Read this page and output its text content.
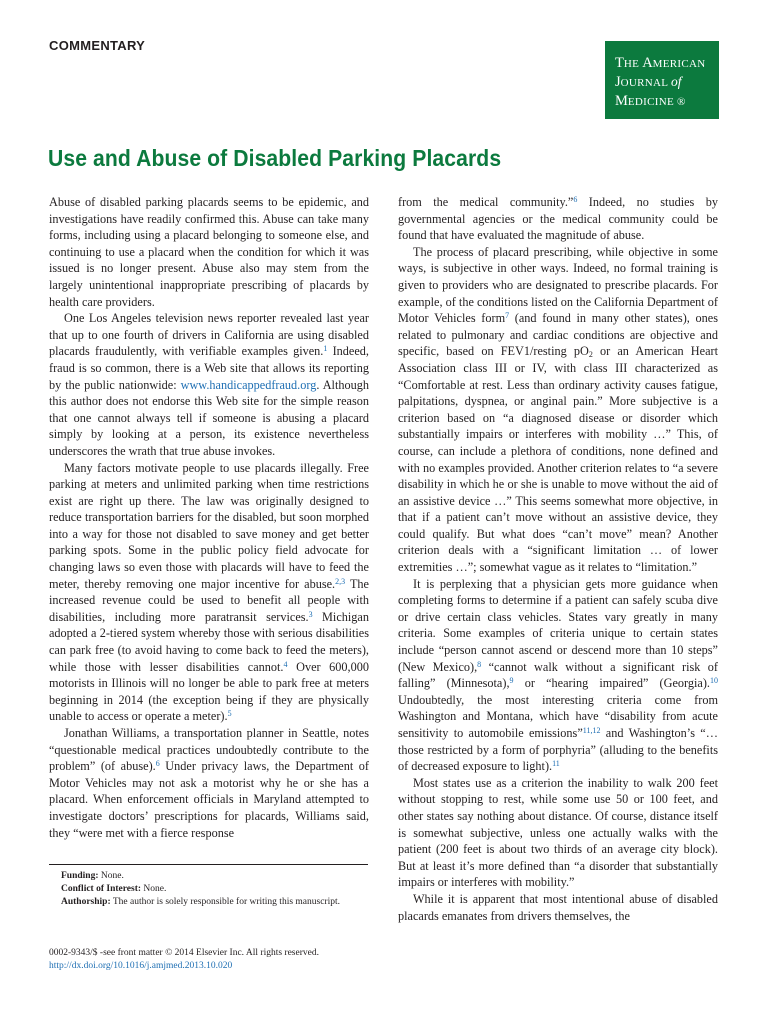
COMMENTARY
THE AMERICAN
JOURNAL of
MEDICINE ®
Use and Abuse of Disabled Parking Placards

Abuse of disabled parking placards seems to be epidemic, and investigations have readily confirmed this. Abuse can take many forms, including using a placard belonging to someone else, and continuing to use a placard when the condition for which it was issued is no longer present. Abuse also may stem from the largely unintentional inappropriate prescribing of placards by health care providers.

One Los Angeles television news reporter revealed last year that up to one fourth of drivers in California are using disabled placards fraudulently, with verifiable examples given.$^1$ Indeed, fraud is so common, there is a Web site that allows its reporting by the public nationwide: www.handicappedfraud.org. Although this author does not endorse this Web site for the simple reason that one cannot always tell if someone is abusing a placard simply by looking at a person, its existence nevertheless underscores the wrath that true abuse invokes.

Many factors motivate people to use placards illegally. Free parking at meters and unlimited parking when time restrictions exist are right up there. The law was originally designed to reduce transportation barriers for the disabled, but soon morphed into a way for those not disabled to save money and get better parking spots. Some in the public policy field advocate for changing laws so even those with placards will have to feed the meter, thereby removing one major incentive for abuse.$^{2,3}$ The increased revenue could be used to benefit all people with disabilities, including more paratransit services.$^3$ Michigan adopted a 2-tiered system whereby those with serious disabilities can park free (to avoid having to come back to feed the meters), while those with lesser disabilities cannot.$^4$ Over 600,000 motorists in Illinois will no longer be able to park free at meters beginning in 2014 (the exception being if they are physically unable to access or operate a meter).$^5$

Jonathan Williams, a transportation planner in Seattle, notes “questionable medical practices undoubtedly contribute to the problem” (of abuse).$^6$ Under privacy laws, the Department of Motor Vehicles may not ask a motorist why he or she has a placard. When enforcement officials in Maryland attempted to investigate doctors’ prescriptions for placards, Williams said, they “were met with a fierce response

from the medical community.”$^6$ Indeed, no studies by governmental agencies or the medical community could be found that have evaluated the magnitude of abuse.

The process of placard prescribing, while objective in some ways, is subjective in other ways. Indeed, no formal training is given to providers who are designated to prescribe placards. For example, of the conditions listed on the California Department of Motor Vehicles form$^7$ (and found in many other states), ones related to pulmonary and cardiac conditions are objective and specific, based on FEV1/resting $pO_2$ or an American Heart Association class III or IV, with class III characterized as “Comfortable at rest. Less than ordinary activity causes fatigue, palpitations, dyspnea, or anginal pain.” More subjective is a criterion based on “a diagnosed disease or disorder which substantially impairs or interferes with mobility …” This, of course, can include a plethora of conditions, none defined and with no examples provided. Another criterion relates to “a severe disability in which he or she is unable to move without the aid of an assistive device …” This seems somewhat more objective, in that if a patient can’t move without an assistive device, they could qualify. But what does “can’t move” mean? Another criterion deals with a “significant limitation … of lower extremities …”; somewhat vague as it relates to “limitation.”

It is perplexing that a physician gets more guidance when completing forms to determine if a patient can safely scuba dive or drive certain class vehicles. States vary greatly in many criteria. Some examples of criteria unique to certain states include “person cannot ascend or descend more than 10 steps” (New Mexico),$^8$ “cannot walk without a significant risk of falling” (Minnesota),$^9$ or “hearing impaired” (Georgia).$^{10}$ Undoubtedly, the most interesting criteria come from Washington and Montana, which have “disability from acute sensitivity to automobile emissions”$^{11,12}$ and Washington’s “… those restricted by a form of porphyria” (alluding to the benefits of decreased exposure to light).$^{11}$

Most states use as a criterion the inability to walk 200 feet without stopping to rest, while some use 50 or 100 feet, and other states say nothing about distance. Of course, distance itself is somewhat subjective, unless one actually walks with the patient (200 feet is about two thirds of an average city block). But at least it’s more defined than “a disorder that substantially impairs or interferes with mobility.”

While it is apparent that most intentional abuse of disabled placards emanates from drivers themselves, the

Funding: None.

Conflict of Interest: None.

Authorship: The author is solely responsible for writing this manuscript.

0002-9343/$ -see front matter © 2014 Elsevier Inc. All rights reserved.
http://dx.doi.org/10.1016/j.amjmed.2013.10.020
